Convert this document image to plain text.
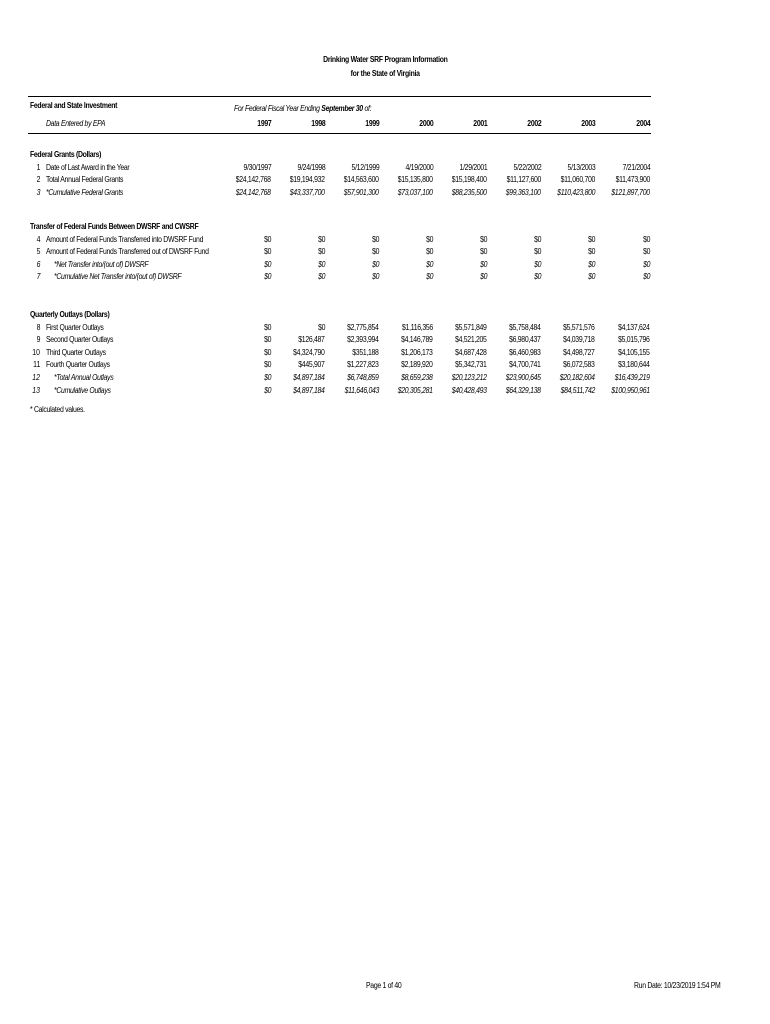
Drinking Water SRF Program Information
for the State of Virginia
Federal and State Investment
Data Entered by EPA
For Federal Fiscal Year Ending September 30 of:
1997	1998	1999	2000	2001	2002	2003	2004
Federal Grants (Dollars)
1 Date of Last Award in the Year	9/30/1997	9/24/1998	5/12/1999	4/19/2000	1/29/2001	5/22/2002	5/13/2003	7/21/2004
2 Total Annual Federal Grants	$24,142,768	$19,194,932	$14,563,600	$15,135,800	$15,198,400	$11,127,600	$11,060,700	$11,473,900
3 *Cumulative Federal Grants	$24,142,768	$43,337,700	$57,901,300	$73,037,100	$88,235,500	$99,363,100	$110,423,800	$121,897,700
Transfer of Federal Funds Between DWSRF and CWSRF
4 Amount of Federal Funds Transferred into DWSRF Fund	$0	$0	$0	$0	$0	$0	$0	$0
5 Amount of Federal Funds Transferred out of DWSRF Fund	$0	$0	$0	$0	$0	$0	$0	$0
6 *Net Transfer into/(out of) DWSRF	$0	$0	$0	$0	$0	$0	$0	$0
7 *Cumulative Net Transfer into/(out of) DWSRF	$0	$0	$0	$0	$0	$0	$0	$0
Quarterly Outlays (Dollars)
8 First Quarter Outlays	$0	$0	$2,775,854	$1,116,356	$5,571,849	$5,758,484	$5,571,576	$4,137,624
9 Second Quarter Outlays	$0	$126,487	$2,393,994	$4,146,789	$4,521,205	$6,980,437	$4,039,718	$5,015,796
10 Third Quarter Outlays	$0	$4,324,790	$351,188	$1,206,173	$4,687,428	$6,460,983	$4,498,727	$4,105,155
11 Fourth Quarter Outlays	$0	$445,907	$1,227,823	$2,189,920	$5,342,731	$4,700,741	$6,072,583	$3,180,644
12 *Total Annual Outlays	$0	$4,897,184	$6,748,859	$8,659,238	$20,123,212	$23,900,645	$20,182,604	$16,439,219
13 *Cumulative Outlays	$0	$4,897,184	$11,646,043	$20,305,281	$40,428,493	$64,329,138	$84,511,742	$100,950,961
* Calculated values.
Page 1 of 40	Run Date: 10/23/2019 1:54 PM
